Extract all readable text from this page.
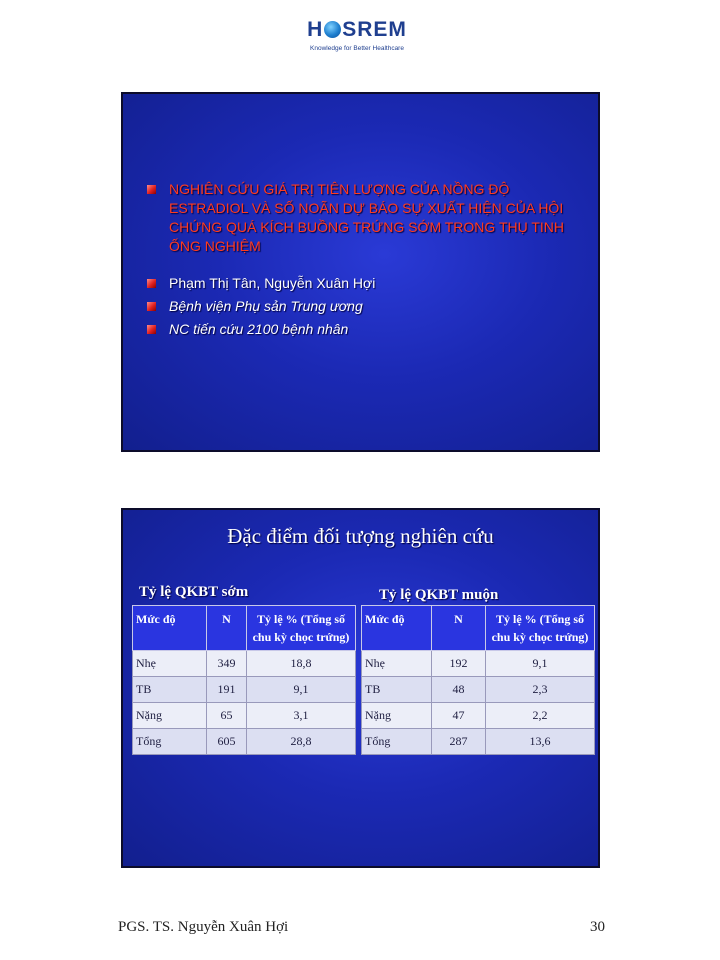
H SREM
Knowledge for Better Healthcare
NGHIÊN CỨU GIÁ TRỊ TIÊN LƯỢNG CỦA NỒNG ĐỘ ESTRADIOL VÀ SỐ NOÃN DỰ BÁO SỰ XUẤT HIỆN CỦA HỘI CHỨNG QUÁ KÍCH BUỒNG TRỨNG SỚM TRONG THỤ TINH ỐNG NGHIỆM
Phạm Thị Tân, Nguyễn Xuân Hợi
Bệnh viện Phụ sản Trung ương
NC tiến cứu 2100 bệnh nhân
Đặc điểm đối tượng nghiên cứu
Tỷ lệ QKBT sớm	Tỷ lệ QKBT muộn
Mức độ	N	Tỷ lệ % (Tổng số chu kỳ chọc trứng)
Nhẹ	349	18,8
TB	191	9,1
Nặng	65	3,1
Tổng	605	28,8
Mức độ	N	Tỷ lệ % (Tổng số chu kỳ chọc trứng)
Nhẹ	192	9,1
TB	48	2,3
Nặng	47	2,2
Tổng	287	13,6
PGS. TS. Nguyễn Xuân Hợi	30
